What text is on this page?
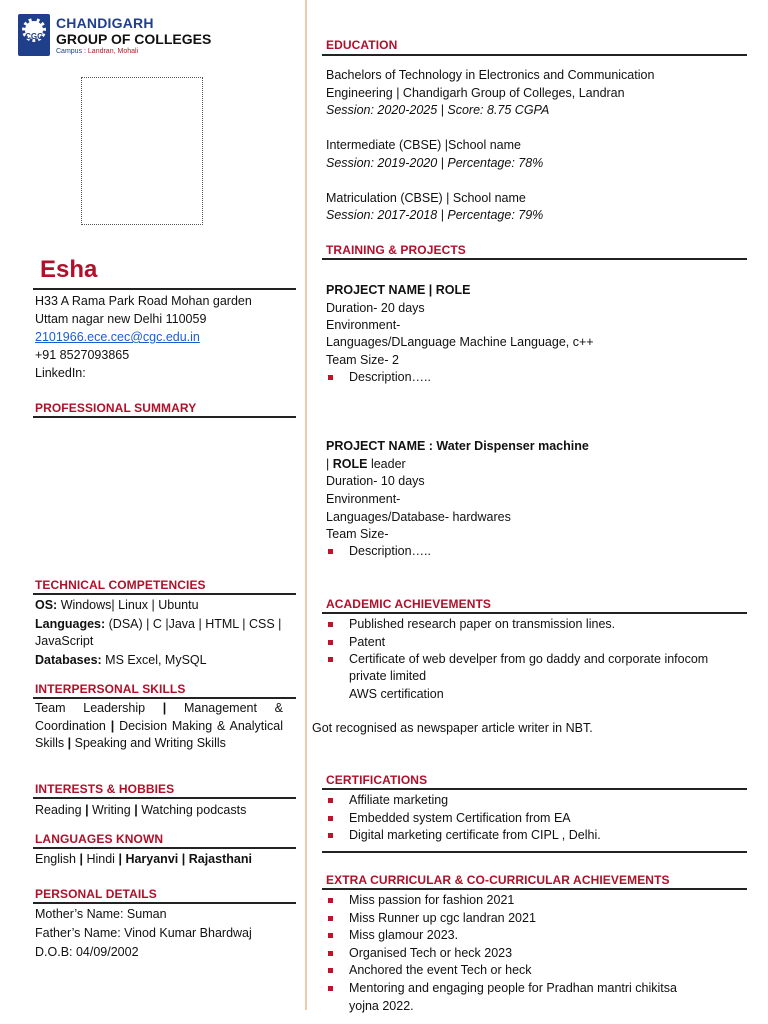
CGC
CHANDIGARH
GROUP OF COLLEGES
Campus : Landran, Mohali
Esha
H33 A Rama Park Road Mohan garden
Uttam nagar new Delhi 110059
2101966.ece.cec@cgc.edu.in
+91 8527093865
LinkedIn:
PROFESSIONAL SUMMARY
TECHNICAL COMPETENCIES
OS: Windows| Linux | Ubuntu
Languages: (DSA) | C |Java | HTML | CSS |
JavaScript
Databases: MS Excel, MySQL
INTERPERSONAL SKILLS
Team Leadership | Management & Coordination | Decision Making & Analytical Skills | Speaking and Writing Skills
INTERESTS & HOBBIES
Reading | Writing | Watching podcasts
LANGUAGES KNOWN
English | Hindi | Haryanvi | Rajasthani
PERSONAL DETAILS
Mother’s Name: Suman
Father’s Name: Vinod Kumar Bhardwaj
D.O.B: 04/09/2002
EDUCATION
Bachelors of Technology in Electronics and Communication
Engineering | Chandigarh Group of Colleges, Landran
Session: 2020-2025 | Score: 8.75 CGPA
Intermediate (CBSE) |School name
Session: 2019-2020 | Percentage: 78%
Matriculation (CBSE) | School name
Session: 2017-2018 | Percentage: 79%
TRAINING & PROJECTS
PROJECT NAME | ROLE
Duration- 20 days
Environment-
Languages/DLanguage Machine Language, c++
Team Size- 2
Description…..
PROJECT NAME : Water Dispenser machine
| ROLE leader
Duration- 10 days
Environment-
Languages/Database- hardwares
Team Size-
Description…..
ACADEMIC ACHIEVEMENTS
Published research paper on transmission lines.
Patent
Certificate of web develper from go daddy and corporate infocom
private limited
AWS certification
Got recognised as newspaper article writer in NBT.
CERTIFICATIONS
Affiliate marketing
Embedded system Certification from EA
Digital marketing certificate from CIPL , Delhi.
EXTRA CURRICULAR & CO-CURRICULAR ACHIEVEMENTS
Miss passion for fashion 2021
Miss Runner up cgc landran 2021
Miss glamour 2023.
Organised Tech or heck 2023
Anchored the event Tech or heck
Mentoring and engaging people for Pradhan mantri chikitsa
yojna 2022.
